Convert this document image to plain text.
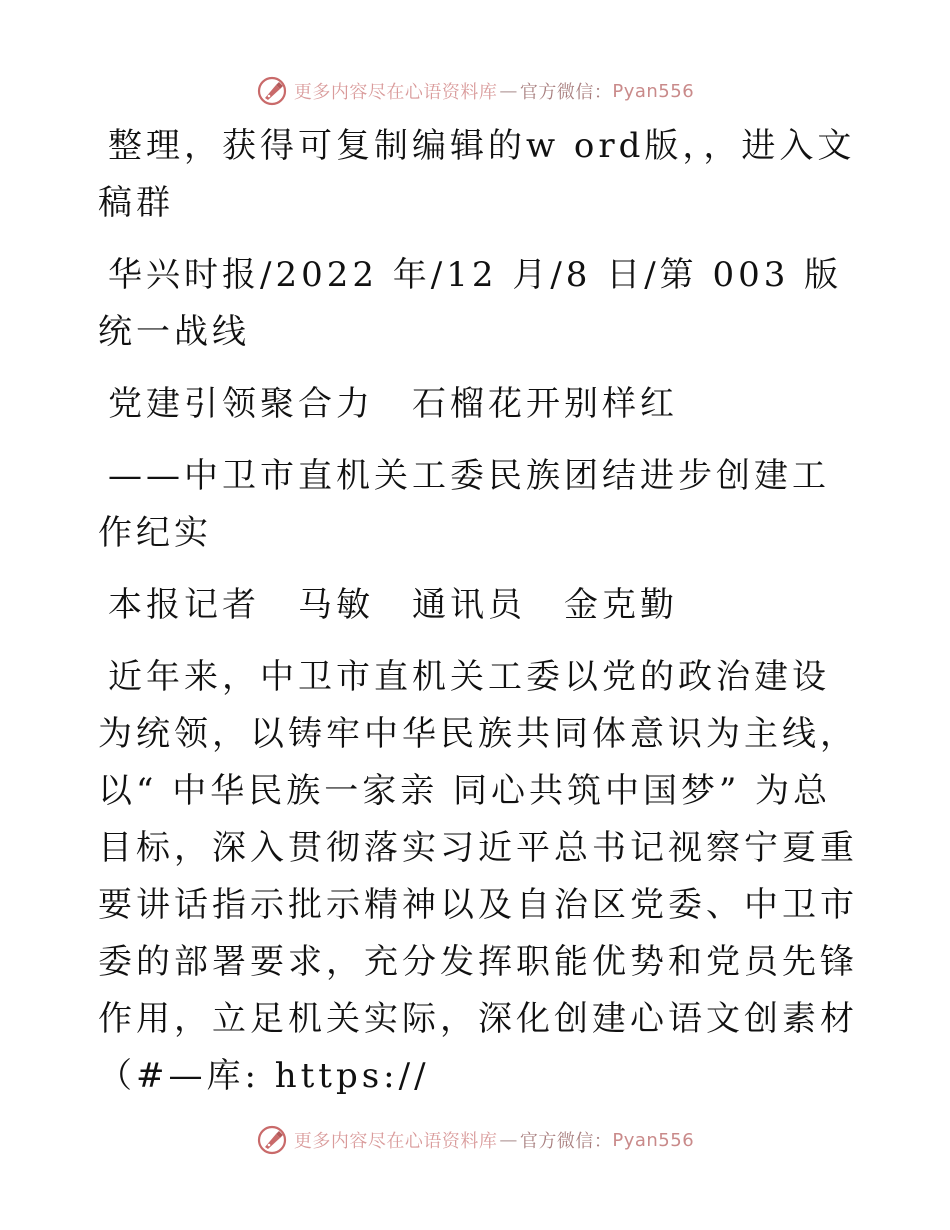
更多内容尽在心语资料库 — 官方微信： Pyan556

整理，获得可复制编辑的w ord版，，进入文稿群

华兴时报/2022 年/12 月/8 日/第 003 版统一战线

党建引领聚合力　石榴花开别样红

——中卫市直机关工委民族团结进步创建工作纪实

本报记者　马敏　通讯员　金克勤

近年来，中卫市直机关工委以党的政治建设为统领，以铸牢中华民族共同体意识为主线，以“ 中华民族一家亲 同心共筑中国梦” 为总目标，深入贯彻落实习近平总书记视察宁夏重要讲话指示批示精神以及自治区党委、中卫市委的部署要求，充分发挥职能优势和党员先锋作用，立足机关实际，深化创建心语文创素材（#—库: https://

更多内容尽在心语资料库 — 官方微信： Pyan556
